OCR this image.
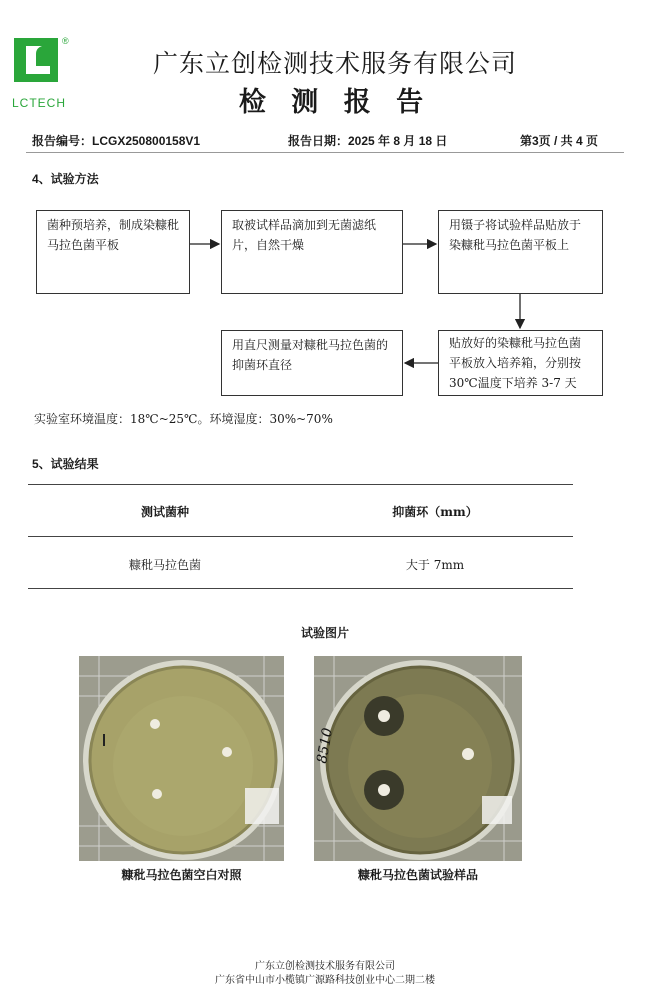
®
LCTECH
广东立创检测技术服务有限公司
检 测 报 告
报告编号：LCGX250800158V1	报告日期：2025 年 8 月 18 日	第3页 / 共 4 页
4、试验方法
菌种预培养，制成染糠秕马拉色菌平板
取被试样品滴加到无菌滤纸片，自然干燥
用镊子将试验样品贴放于染糠秕马拉色菌平板上
贴放好的染糠秕马拉色菌平板放入培养箱，分别按30℃温度下培养 3-7 天
用直尺测量对糠秕马拉色菌的抑菌环直径
实验室环境温度：18℃~25℃。环境湿度：30%~70%
5、试验结果
测试菌种	抑菌环（mm）
糠秕马拉色菌	大于 7mm
试验图片
糠秕马拉色菌空白对照
8510
糠秕马拉色菌试验样品
广东立创检测技术服务有限公司
广东省中山市小榄镇广源路科技创业中心二期二楼
